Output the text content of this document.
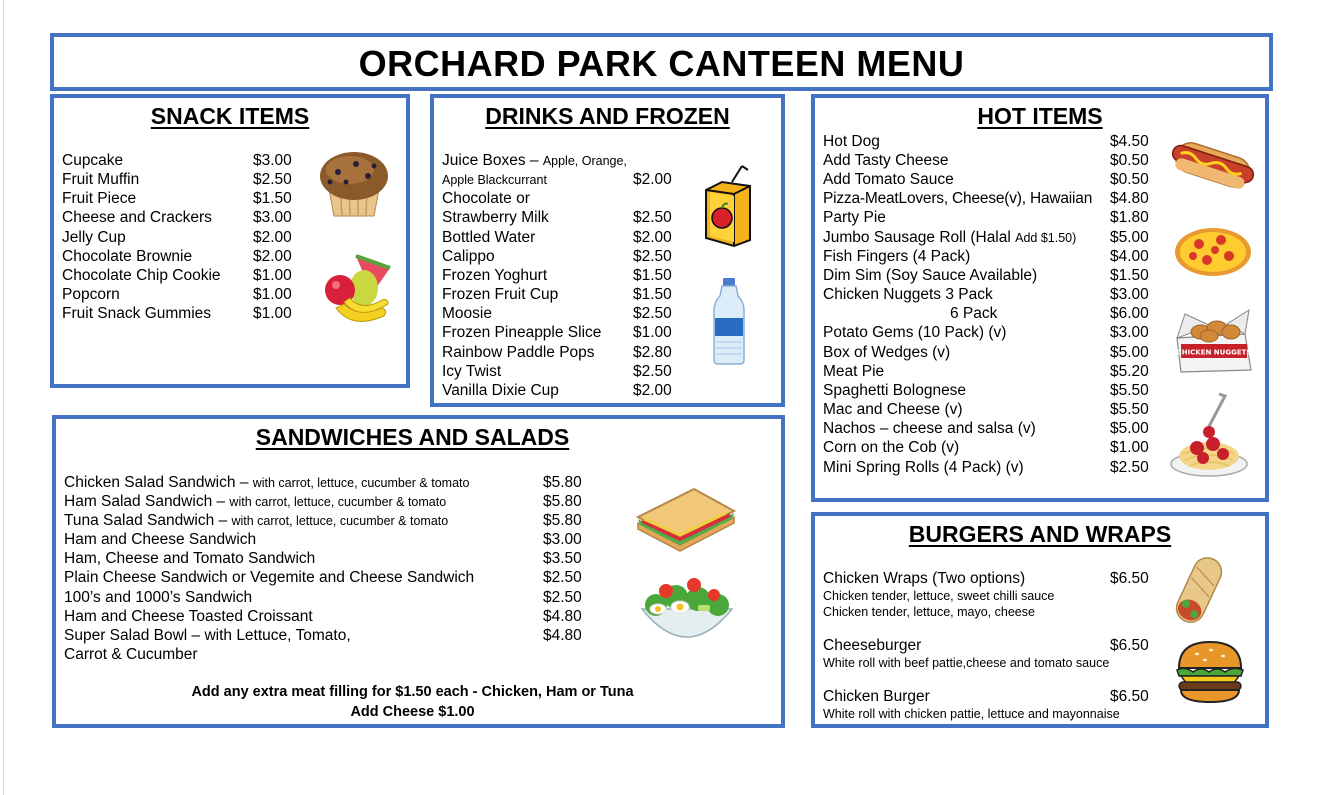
ORCHARD PARK CANTEEN MENU
SNACK ITEMS
Cupcake	$3.00
Fruit Muffin	$2.50
Fruit Piece	$1.50
Cheese and Crackers	$3.00
Jelly Cup	$2.00
Chocolate Brownie	$2.00
Chocolate Chip Cookie $1.00
Popcorn	$1.00
Fruit Snack Gummies	$1.00
DRINKS AND FROZEN
Juice Boxes – Apple, Orange,
Apple Blackcurrant	$2.00
Chocolate or
Strawberry Milk	$2.50
Bottled Water	$2.00
Calippo	$2.50
Frozen Yoghurt	$1.50
Frozen Fruit Cup	$1.50
Moosie	$2.50
Frozen Pineapple Slice $1.00
Rainbow Paddle Pops $2.80
Icy Twist	$2.50
Vanilla Dixie Cup	$2.00
HOT ITEMS
Hot Dog	$4.50
Add Tasty Cheese	$0.50
Add Tomato Sauce	$0.50
Pizza-MeatLovers, Cheese(v), Hawaiian $4.80
Party Pie	$1.80
Jumbo Sausage Roll (Halal Add $1.50) $5.00
Fish Fingers (4 Pack)	$4.00
Dim Sim (Soy Sauce Available)	$1.50
Chicken Nuggets 3 Pack	$3.00
6 Pack	$6.00
Potato Gems (10 Pack) (v)	$3.00
Box of Wedges (v)	$5.00
Meat Pie	$5.20
Spaghetti Bolognese	$5.50
Mac and Cheese (v)	$5.50
Nachos – cheese and salsa (v)	$5.00
Corn on the Cob (v)	$1.00
Mini Spring Rolls (4 Pack) (v)	$2.50
CHICKEN NUGGETS
SANDWICHES AND SALADS
Chicken Salad Sandwich – with carrot, lettuce, cucumber & tomato	$5.80
Ham Salad Sandwich – with carrot, lettuce, cucumber & tomato	$5.80
Tuna Salad Sandwich – with carrot, lettuce, cucumber & tomato	$5.80
Ham and Cheese Sandwich	$3.00
Ham, Cheese and Tomato Sandwich	$3.50
Plain Cheese Sandwich or Vegemite and Cheese Sandwich	$2.50
100’s and 1000’s Sandwich	$2.50
Ham and Cheese Toasted Croissant	$4.80
Super Salad Bowl – with Lettuce, Tomato,	$4.80
Carrot & Cucumber
Add any extra meat filling for $1.50 each - Chicken, Ham or Tuna
Add Cheese $1.00
BURGERS AND WRAPS
Chicken Wraps (Two options)	$6.50
Chicken tender, lettuce, sweet chilli sauce
Chicken tender, lettuce, mayo, cheese
Cheeseburger	$6.50
White roll with beef pattie,cheese and tomato sauce
Chicken Burger	$6.50
White roll with chicken pattie, lettuce and mayonnaise
